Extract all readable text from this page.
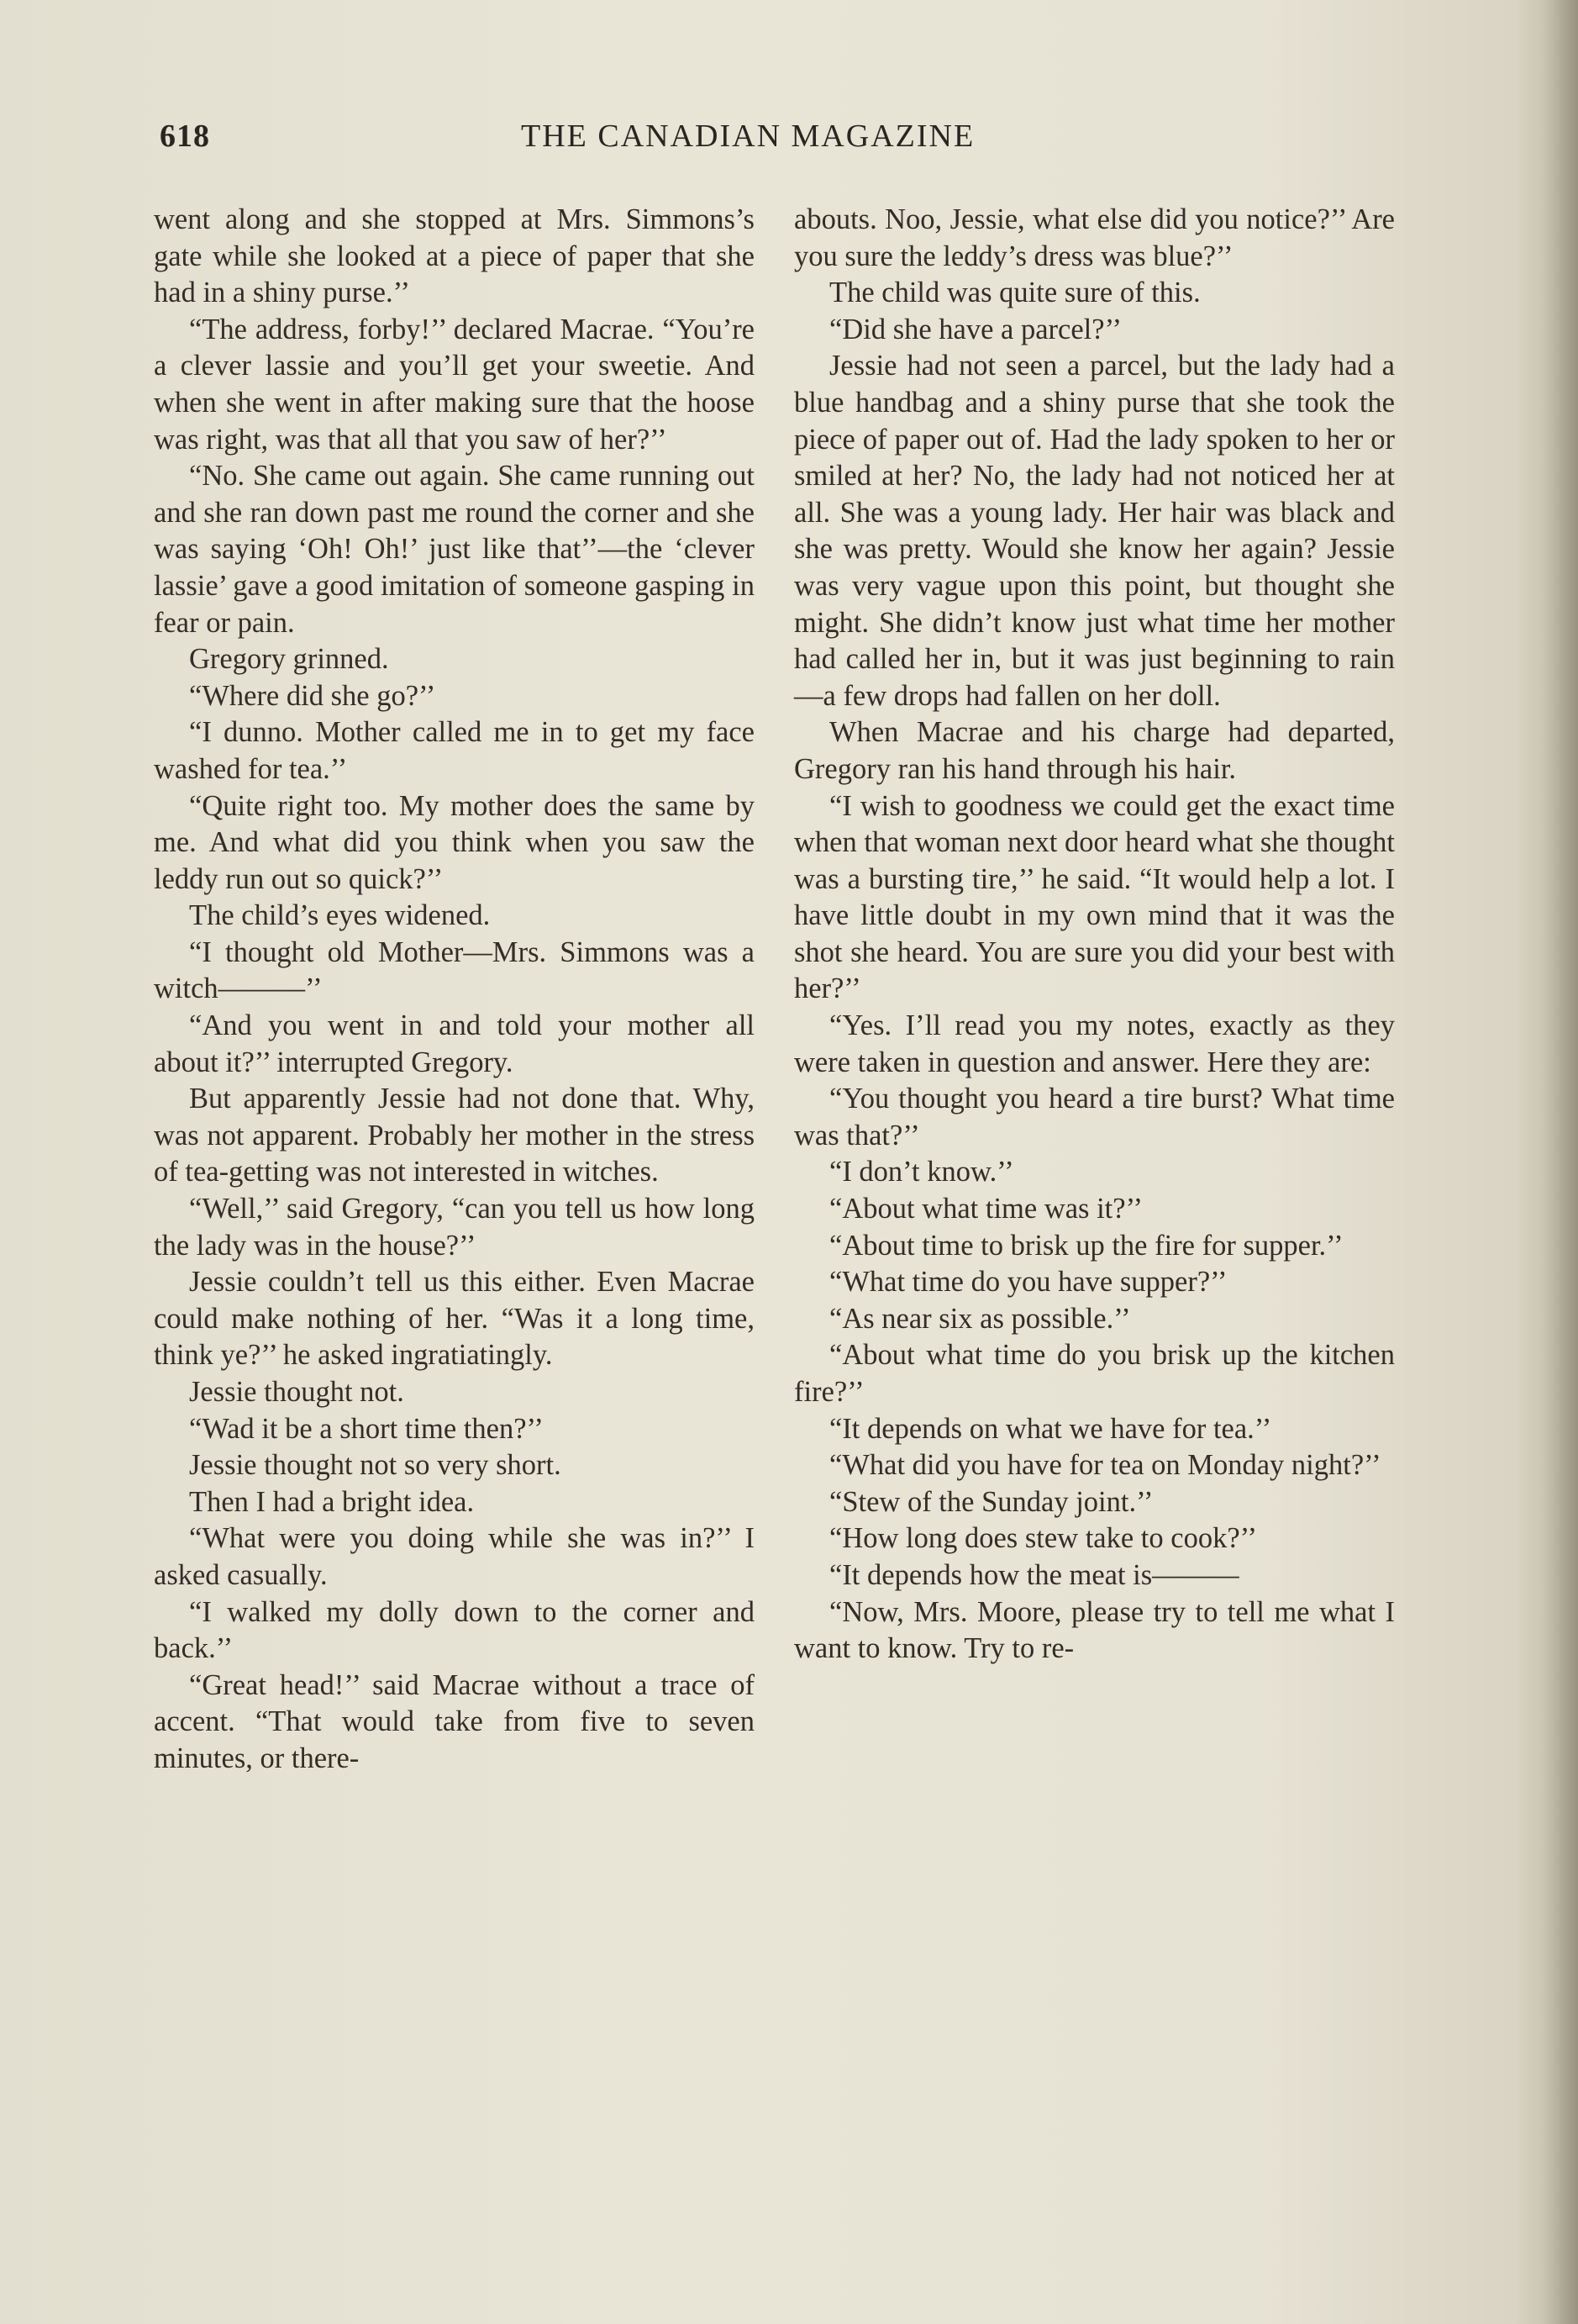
618	THE CANADIAN MAGAZINE

went along and she stopped at Mrs. Simmons’s gate while she looked at a piece of paper that she had in a shiny purse.’’

“The address, forby!’’ declared Macrae. “You’re a clever lassie and you’ll get your sweetie. And when she went in after making sure that the hoose was right, was that all that you saw of her?’’

“No. She came out again. She came running out and she ran down past me round the corner and she was saying ‘Oh! Oh!’ just like that’’—the ‘clever lassie’ gave a good imitation of someone gasping in fear or pain.

Gregory grinned.

“Where did she go?’’

“I dunno. Mother called me in to get my face washed for tea.’’

“Quite right too. My mother does the same by me. And what did you think when you saw the leddy run out so quick?’’

The child’s eyes widened.

“I thought old Mother—Mrs. Simmons was a witch———’’

“And you went in and told your mother all about it?’’ interrupted Gregory.

But apparently Jessie had not done that. Why, was not apparent. Probably her mother in the stress of tea-getting was not interested in witches.

“Well,’’ said Gregory, “can you tell us how long the lady was in the house?’’

Jessie couldn’t tell us this either. Even Macrae could make nothing of her. “Was it a long time, think ye?’’ he asked ingratiatingly.

Jessie thought not.

“Wad it be a short time then?’’

Jessie thought not so very short.

Then I had a bright idea.

“What were you doing while she was in?’’ I asked casually.

“I walked my dolly down to the corner and back.’’

“Great head!’’ said Macrae without a trace of accent. “That would take from five to seven minutes, or there-

abouts. Noo, Jessie, what else did you notice?’’ Are you sure the leddy’s dress was blue?’’

The child was quite sure of this.

“Did she have a parcel?’’

Jessie had not seen a parcel, but the lady had a blue handbag and a shiny purse that she took the piece of paper out of. Had the lady spoken to her or smiled at her? No, the lady had not noticed her at all. She was a young lady. Her hair was black and she was pretty. Would she know her again? Jessie was very vague upon this point, but thought she might. She didn’t know just what time her mother had called her in, but it was just beginning to rain—a few drops had fallen on her doll.

When Macrae and his charge had departed, Gregory ran his hand through his hair.

“I wish to goodness we could get the exact time when that woman next door heard what she thought was a bursting tire,’’ he said. “It would help a lot. I have little doubt in my own mind that it was the shot she heard. You are sure you did your best with her?’’

“Yes. I’ll read you my notes, exactly as they were taken in question and answer. Here they are:

“You thought you heard a tire burst? What time was that?’’

“I don’t know.’’

“About what time was it?’’

“About time to brisk up the fire for supper.’’

“What time do you have supper?’’

“As near six as possible.’’

“About what time do you brisk up the kitchen fire?’’

“It depends on what we have for tea.’’

“What did you have for tea on Monday night?’’

“Stew of the Sunday joint.’’

“How long does stew take to cook?’’

“It depends how the meat is———

“Now, Mrs. Moore, please try to tell me what I want to know. Try to re-
